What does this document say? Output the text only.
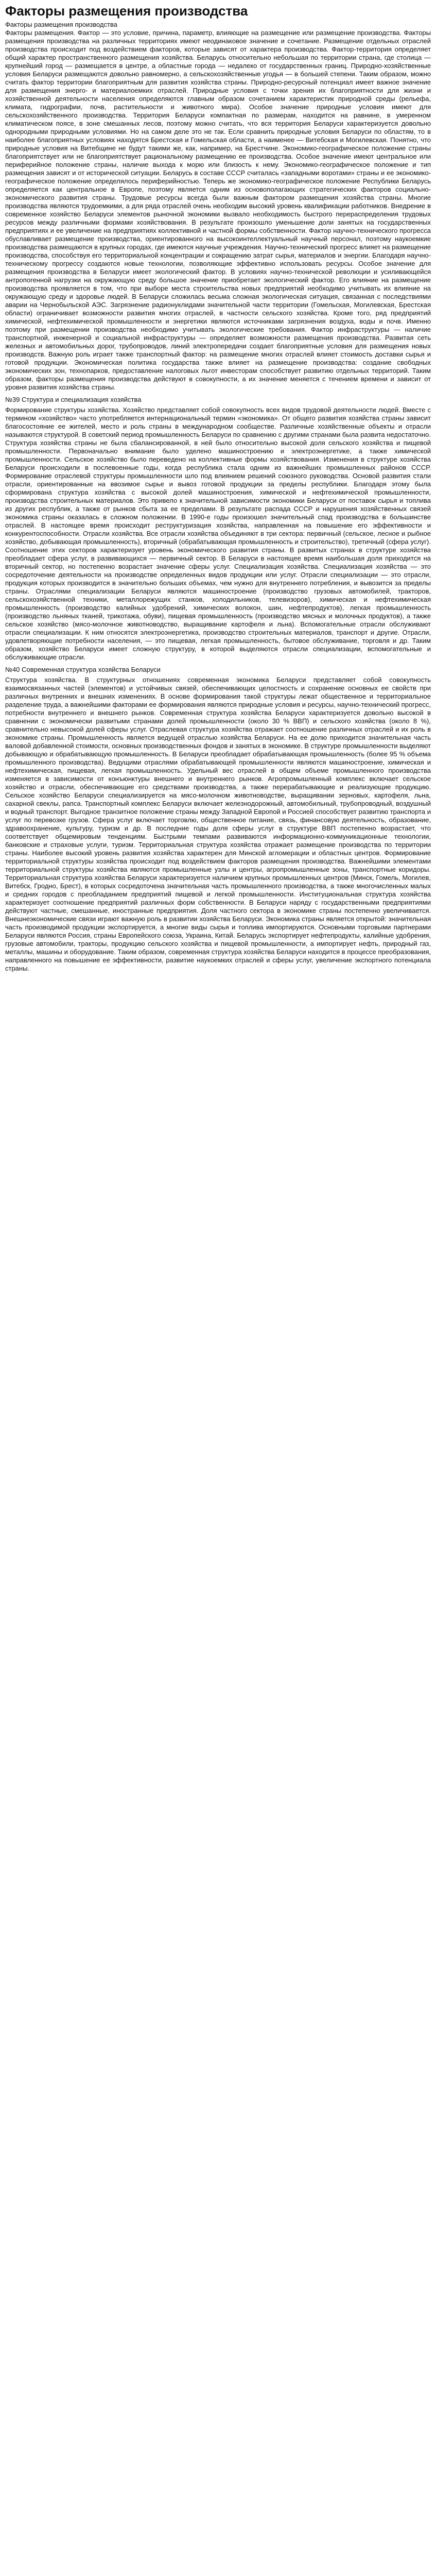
Факторы размещения производства

Факторы размещения производства

Факторы размещения. Фактор — это условие, причина, параметр, влияющие на размещение или размещение производства. Факторы размещения производства на различных территориях имеют неодинаковое значение и сочетание. Размещение отдельных отраслей производства происходит под воздействием факторов, которые зависят от характера производства. Фактор-территория определяет общий характер пространственного размещения хозяйства. Беларусь относительно небольшая по территории страна, где столица — крупнейший город — размещается в центре, а областные города — недалеко от государственных границ. Природно-хозяйственные условия Беларуси размещаются довольно равномерно, а сельскохозяйственные угодья — в большей степени. Таким образом, можно считать фактор территории благоприятным для развития хозяйства страны. Природно-ресурсный потенциал имеет важное значение для размещения энерго- и материалоемких отраслей. Природные условия с точки зрения их благоприятности для жизни и хозяйственной деятельности населения определяются главным образом сочетанием характеристик природной среды (рельефа, климата, гидрографии, почв, растительности и животного мира). Особое значение природные условия имеют для сельскохозяйственного производства. Территория Беларуси компактная по размерам, находится на равнине, в умеренном климатическом поясе, в зоне смешанных лесов, поэтому можно считать, что вся территория Беларуси характеризуется довольно однородными природными условиями. Но на самом деле это не так. Если сравнить природные условия Беларуси по областям, то в наиболее благоприятных условиях находятся Брестская и Гомельская области, а наименее — Витебская и Могилевская. Понятно, что природные условия на Витебщине не будут такими же, как, например, на Брестчине. Экономико-географическое положение страны благоприятствует или не благоприятствует рациональному размещению ее производства. Особое значение имеют центральное или периферийное положение страны, наличие выхода к морю или близость к нему. Экономико-географическое положение и тип размещения зависят и от исторической ситуации. Беларусь в составе СССР считалась «западными воротами» страны и ее экономико-географическое положение определялось периферийностью. Теперь же экономико-географическое положение Республики Беларусь определяется как центральное в Европе, поэтому является одним из основополагающих стратегических факторов социально-экономического развития страны. Трудовые ресурсы всегда были важным фактором размещения хозяйства страны. Многие производства являются трудоемкими, а для ряда отраслей очень необходим высокий уровень квалификации работников. Внедрение в современное хозяйство Беларуси элементов рыночной экономики вызвало необходимость быстрого перераспределения трудовых ресурсов между различными формами хозяйствования. В результате произошло уменьшение доли занятых на государственных предприятиях и ее увеличение на предприятиях коллективной и частной формы собственности. Фактор научно-технического прогресса обуславливает размещение производства, ориентированного на высокоинтеллектуальный научный персонал, поэтому наукоемкие производства размещаются в крупных городах, где имеются научные учреждения. Научно-технический прогресс влияет на размещение производства, способствуя его территориальной концентрации и сокращению затрат сырья, материалов и энергии. Благодаря научно-техническому прогрессу создаются новые технологии, позволяющие эффективно использовать ресурсы. Особое значение для размещения производства в Беларуси имеет экологический фактор. В условиях научно-технической революции и усиливающейся антропогенной нагрузки на окружающую среду большое значение приобретает экологический фактор. Его влияние на размещение производства проявляется в том, что при выборе места строительства новых предприятий необходимо учитывать их влияние на окружающую среду и здоровье людей. В Беларуси сложилась весьма сложная экологическая ситуация, связанная с последствиями аварии на Чернобыльской АЭС. Загрязнение радионуклидами значительной части территории (Гомельская, Могилевская, Брестская области) ограничивает возможности развития многих отраслей, в частности сельского хозяйства. Кроме того, ряд предприятий химической, нефтехимической промышленности и энергетики являются источниками загрязнения воздуха, воды и почв. Именно поэтому при размещении производства необходимо учитывать экологические требования. Фактор инфраструктуры — наличие транспортной, инженерной и социальной инфраструктуры — определяет возможности размещения производства. Развитая сеть железных и автомобильных дорог, трубопроводов, линий электропередачи создает благоприятные условия для размещения новых производств. Важную роль играет также транспортный фактор: на размещение многих отраслей влияет стоимость доставки сырья и готовой продукции. Экономическая политика государства также влияет на размещение производства: создание свободных экономических зон, технопарков, предоставление налоговых льгот инвесторам способствует развитию отдельных территорий. Таким образом, факторы размещения производства действуют в совокупности, а их значение меняется с течением времени и зависит от уровня развития хозяйства страны.

№39 Структура и специализация хозяйства

Формирование структуры хозяйства. Хозяйство представляет собой совокупность всех видов трудовой деятельности людей. Вместе с термином «хозяйство» часто употребляется интернациональный термин «экономика». От общего развития хозяйства страны зависит благосостояние ее жителей, место и роль страны в международном сообществе. Различные хозяйственные объекты и отрасли называются структурой. В советский период промышленность Беларуси по сравнению с другими странами была развита недостаточно. Структура хозяйства страны не была сбалансированной, в ней было относительно высокой доля сельского хозяйства и пищевой промышленности. Первоначально внимание было уделено машиностроению и электроэнергетике, а также химической промышленности. Сельское хозяйство было переведено на коллективные формы хозяйствования. Изменения в структуре хозяйства Беларуси происходили в послевоенные годы, когда республика стала одним из важнейших промышленных районов СССР. Формирование отраслевой структуры промышленности шло под влиянием решений союзного руководства. Основой развития стали отрасли, ориентированные на ввозимое сырье и вывоз готовой продукции за пределы республики. Благодаря этому была сформирована структура хозяйства с высокой долей машиностроения, химической и нефтехимической промышленности, производства строительных материалов. Это привело к значительной зависимости экономики Беларуси от поставок сырья и топлива из других республик, а также от рынков сбыта за ее пределами. В результате распада СССР и нарушения хозяйственных связей экономика страны оказалась в сложном положении. В 1990-е годы произошел значительный спад производства в большинстве отраслей. В настоящее время происходит реструктуризация хозяйства, направленная на повышение его эффективности и конкурентоспособности. Отрасли хозяйства. Все отрасли хозяйства объединяют в три сектора: первичный (сельское, лесное и рыбное хозяйство, добывающая промышленность), вторичный (обрабатывающая промышленность и строительство), третичный (сфера услуг). Соотношение этих секторов характеризует уровень экономического развития страны. В развитых странах в структуре хозяйства преобладает сфера услуг, в развивающихся — первичный сектор. В Беларуси в настоящее время наибольшая доля приходится на вторичный сектор, но постепенно возрастает значение сферы услуг. Специализация хозяйства. Специализация хозяйства — это сосредоточение деятельности на производстве определенных видов продукции или услуг. Отрасли специализации — это отрасли, продукция которых производится в значительно больших объемах, чем нужно для внутреннего потребления, и вывозится за пределы страны. Отраслями специализации Беларуси являются машиностроение (производство грузовых автомобилей, тракторов, сельскохозяйственной техники, металлорежущих станков, холодильников, телевизоров), химическая и нефтехимическая промышленность (производство калийных удобрений, химических волокон, шин, нефтепродуктов), легкая промышленность (производство льняных тканей, трикотажа, обуви), пищевая промышленность (производство мясных и молочных продуктов), а также сельское хозяйство (мясо-молочное животноводство, выращивание картофеля и льна). Вспомогательные отрасли обслуживают отрасли специализации. К ним относятся электроэнергетика, производство строительных материалов, транспорт и другие. Отрасли, удовлетворяющие потребности населения, — это пищевая, легкая промышленность, бытовое обслуживание, торговля и др. Таким образом, хозяйство Беларуси имеет сложную структуру, в которой выделяются отрасли специализации, вспомогательные и обслуживающие отрасли.

№40 Современная структура хозяйства Беларуси

Структура хозяйства. В структурных отношениях современная экономика Беларуси представляет собой совокупность взаимосвязанных частей (элементов) и устойчивых связей, обеспечивающих целостность и сохранение основных ее свойств при различных внутренних и внешних изменениях. В основе формирования такой структуры лежат общественное и территориальное разделение труда, а важнейшими факторами ее формирования являются природные условия и ресурсы, научно-технический прогресс, потребности внутреннего и внешнего рынков. Современная структура хозяйства Беларуси характеризуется довольно высокой в сравнении с экономически развитыми странами долей промышленности (около 30 % ВВП) и сельского хозяйства (около 8 %), сравнительно невысокой долей сферы услуг. Отраслевая структура хозяйства отражает соотношение различных отраслей и их роль в экономике страны. Промышленность является ведущей отраслью хозяйства Беларуси. На ее долю приходится значительная часть валовой добавленной стоимости, основных производственных фондов и занятых в экономике. В структуре промышленности выделяют добывающую и обрабатывающую промышленность. В Беларуси преобладает обрабатывающая промышленность (более 95 % объема промышленного производства). Ведущими отраслями обрабатывающей промышленности являются машиностроение, химическая и нефтехимическая, пищевая, легкая промышленность. Удельный вес отраслей в общем объеме промышленного производства изменяется в зависимости от конъюнктуры внешнего и внутреннего рынков. Агропромышленный комплекс включает сельское хозяйство и отрасли, обеспечивающие его средствами производства, а также перерабатывающие и реализующие продукцию. Сельское хозяйство Беларуси специализируется на мясо-молочном животноводстве, выращивании зерновых, картофеля, льна, сахарной свеклы, рапса. Транспортный комплекс Беларуси включает железнодорожный, автомобильный, трубопроводный, воздушный и водный транспорт. Выгодное транзитное положение страны между Западной Европой и Россией способствует развитию транспорта и услуг по перевозке грузов. Сфера услуг включает торговлю, общественное питание, связь, финансовую деятельность, образование, здравоохранение, культуру, туризм и др. В последние годы доля сферы услуг в структуре ВВП постепенно возрастает, что соответствует общемировым тенденциям. Быстрыми темпами развиваются информационно-коммуникационные технологии, банковские и страховые услуги, туризм. Территориальная структура хозяйства отражает размещение производства по территории страны. Наиболее высокий уровень развития хозяйства характерен для Минской агломерации и областных центров. Формирование территориальной структуры хозяйства происходит под воздействием факторов размещения производства. Важнейшими элементами территориальной структуры хозяйства являются промышленные узлы и центры, агропромышленные зоны, транспортные коридоры. Территориальная структура хозяйства Беларуси характеризуется наличием крупных промышленных центров (Минск, Гомель, Могилев, Витебск, Гродно, Брест), в которых сосредоточена значительная часть промышленного производства, а также многочисленных малых и средних городов с преобладанием предприятий пищевой и легкой промышленности. Институциональная структура хозяйства характеризует соотношение предприятий различных форм собственности. В Беларуси наряду с государственными предприятиями действуют частные, смешанные, иностранные предприятия. Доля частного сектора в экономике страны постепенно увеличивается. Внешнеэкономические связи играют важную роль в развитии хозяйства Беларуси. Экономика страны является открытой: значительная часть производимой продукции экспортируется, а многие виды сырья и топлива импортируются. Основными торговыми партнерами Беларуси являются Россия, страны Европейского союза, Украина, Китай. Беларусь экспортирует нефтепродукты, калийные удобрения, грузовые автомобили, тракторы, продукцию сельского хозяйства и пищевой промышленности, а импортирует нефть, природный газ, металлы, машины и оборудование. Таким образом, современная структура хозяйства Беларуси находится в процессе преобразования, направленного на повышение ее эффективности, развитие наукоемких отраслей и сферы услуг, увеличение экспортного потенциала страны.
